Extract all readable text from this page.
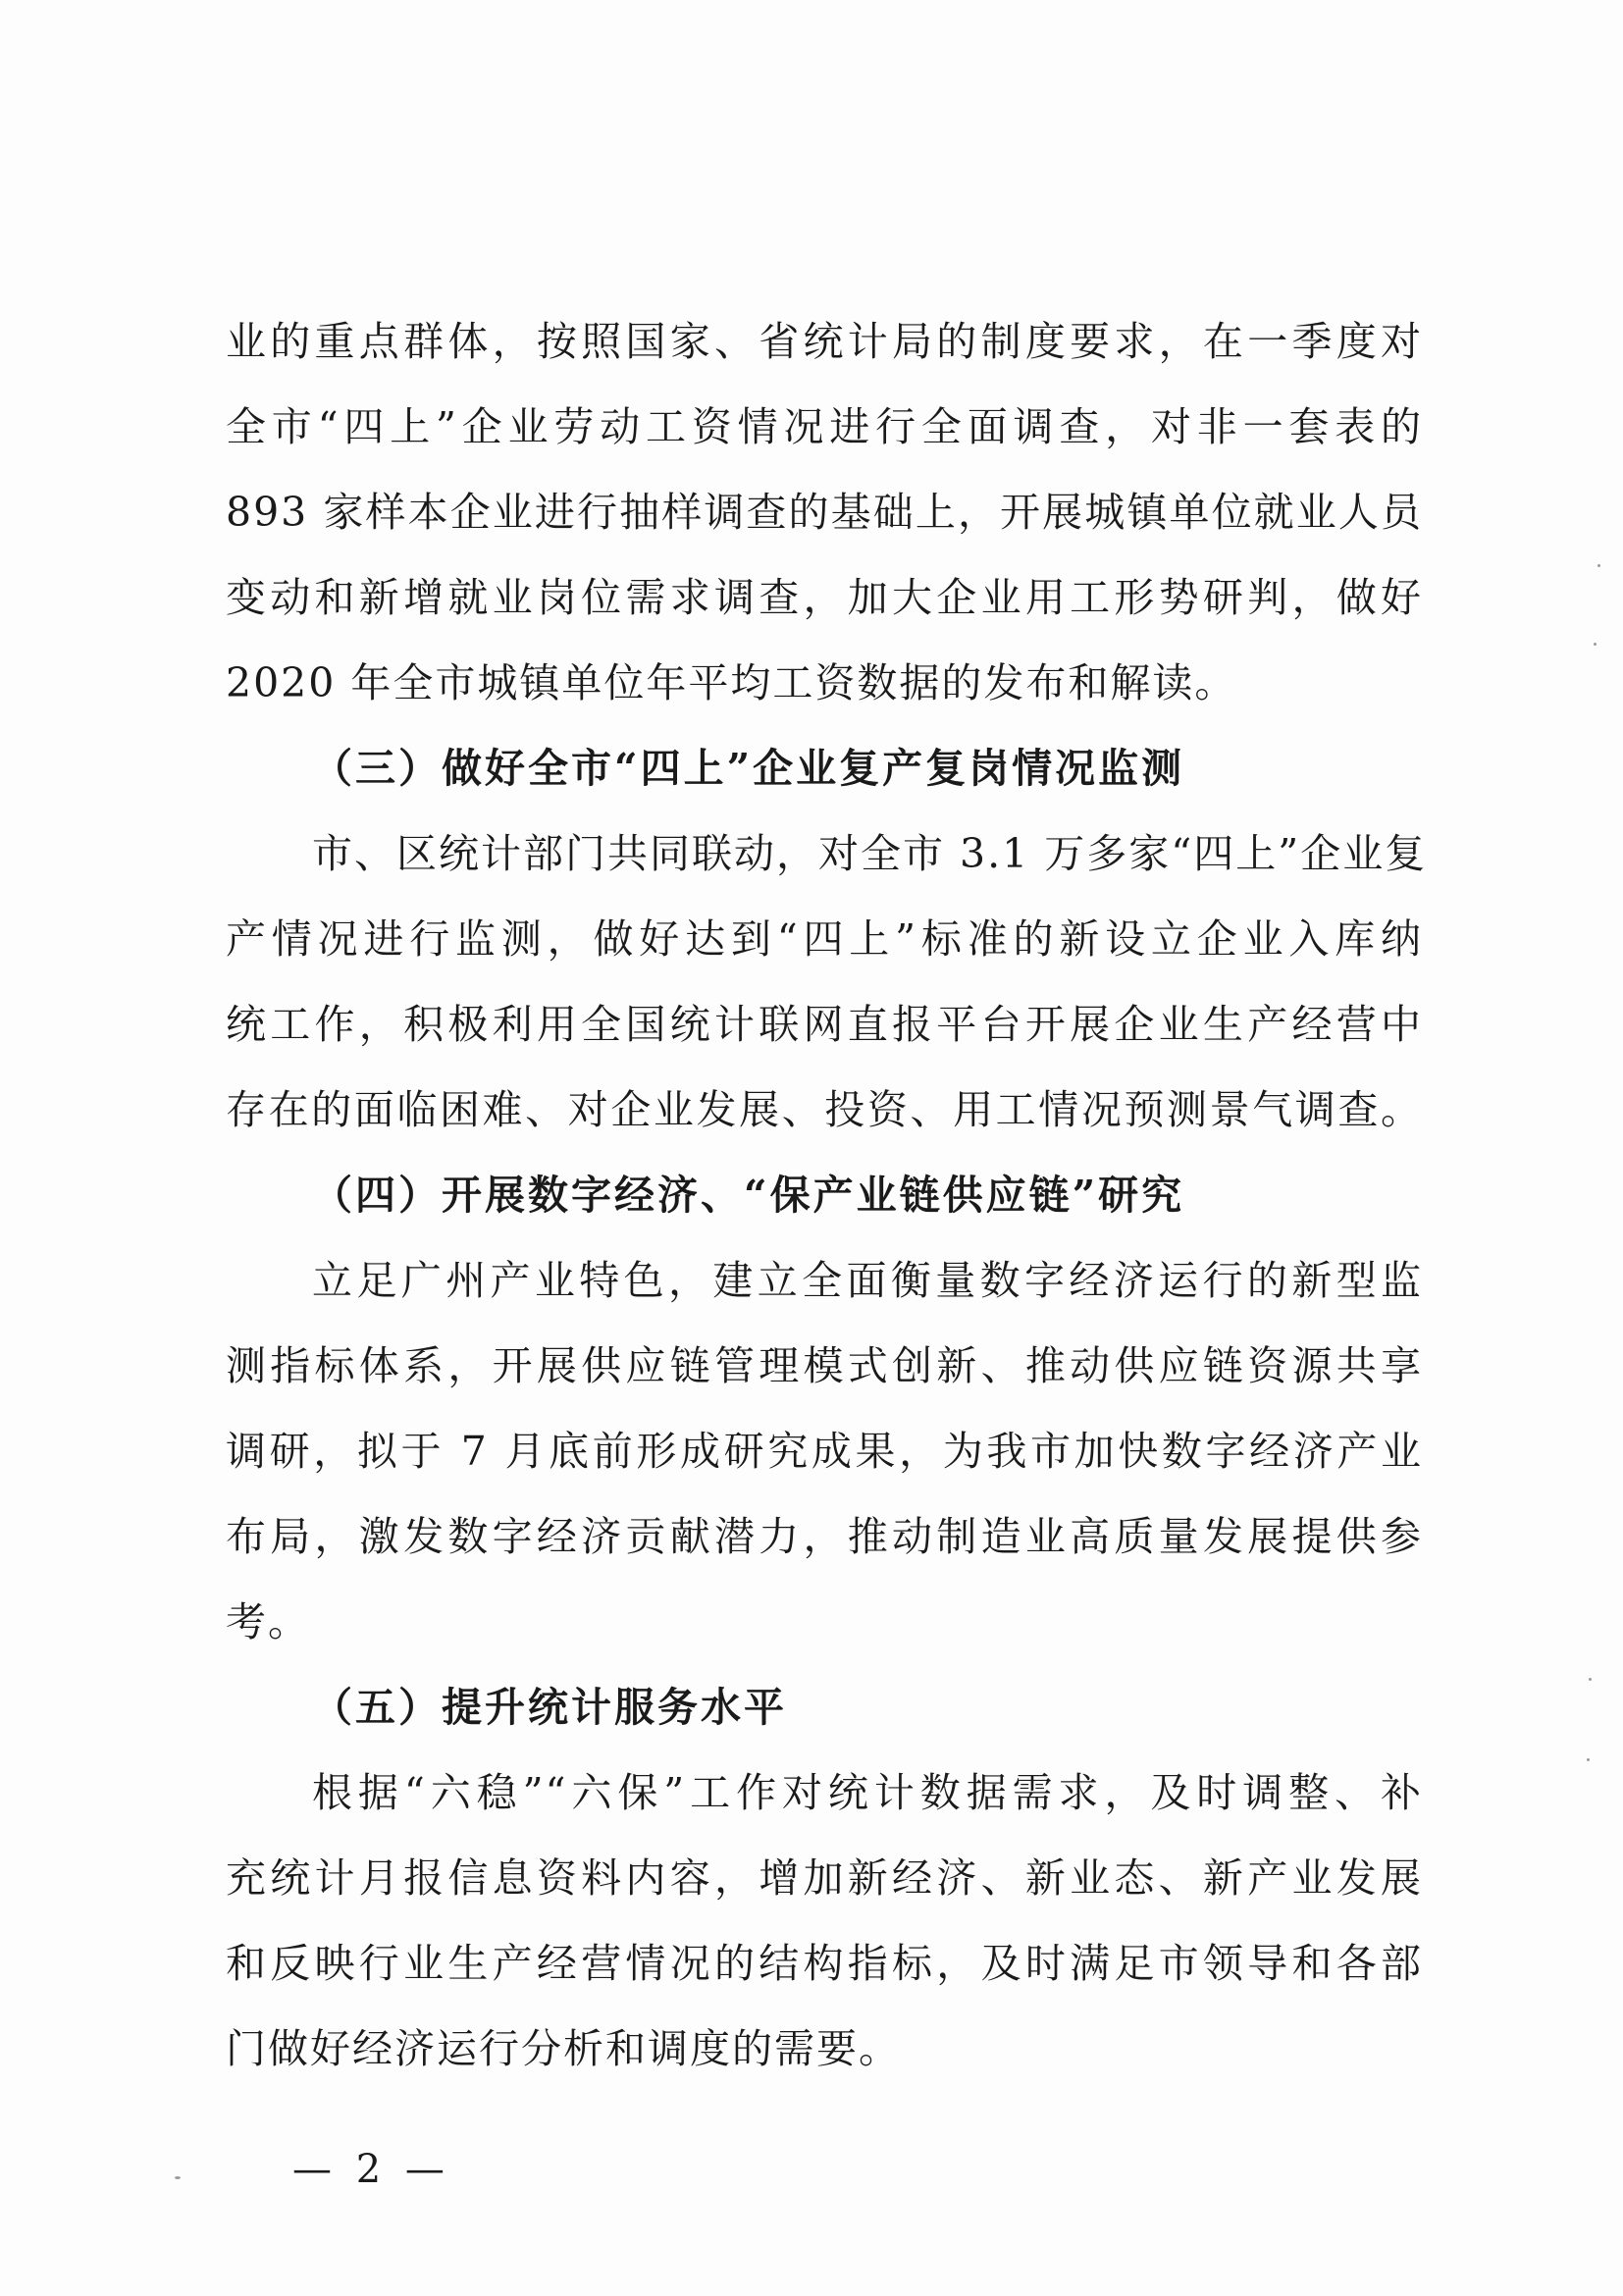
业的重点群体，按照国家、省统计局的制度要求，在一季度对
全市“四上”企业劳动工资情况进行全面调查，对非一套表的
893 家样本企业进行抽样调查的基础上，开展城镇单位就业人员
变动和新增就业岗位需求调查，加大企业用工形势研判，做好
2020 年全市城镇单位年平均工资数据的发布和解读。
（三）做好全市“四上”企业复产复岗情况监测
市、区统计部门共同联动，对全市 3.1 万多家“四上”企业复
产情况进行监测，做好达到“四上”标准的新设立企业入库纳
统工作，积极利用全国统计联网直报平台开展企业生产经营中
存在的面临困难、对企业发展、投资、用工情况预测景气调查。
（四）开展数字经济、“保产业链供应链”研究
立足广州产业特色，建立全面衡量数字经济运行的新型监
测指标体系，开展供应链管理模式创新、推动供应链资源共享
调研，拟于 7 月底前形成研究成果，为我市加快数字经济产业
布局，激发数字经济贡献潜力，推动制造业高质量发展提供参
考。
（五）提升统计服务水平
根据“六稳”“六保”工作对统计数据需求，及时调整、补
充统计月报信息资料内容，增加新经济、新业态、新产业发展
和反映行业生产经营情况的结构指标，及时满足市领导和各部
门做好经济运行分析和调度的需要。
— 2 —
